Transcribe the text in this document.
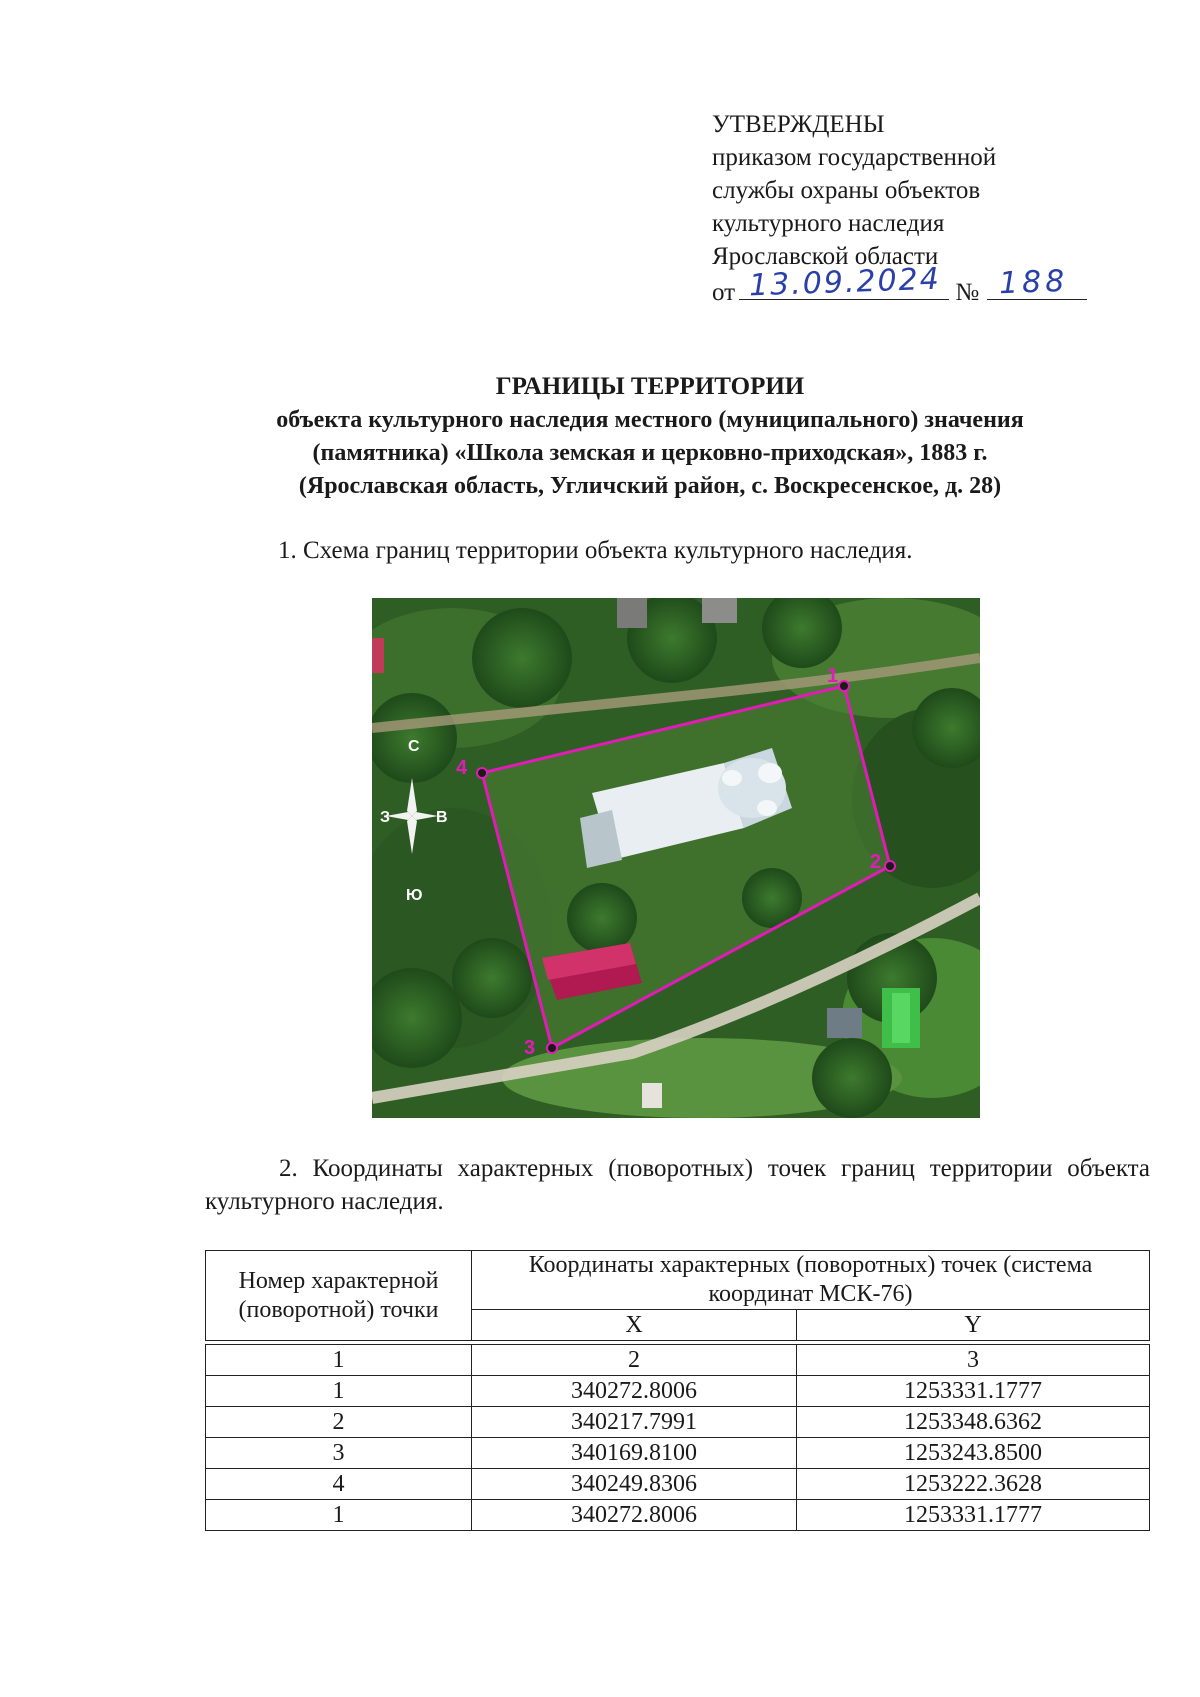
УТВЕРЖДЕНЫ
приказом государственной
службы охраны объектов
культурного наследия
Ярославской области
от 13.09.2024 № 188
ГРАНИЦЫ ТЕРРИТОРИИ
объекта культурного наследия местного (муниципального) значения
(памятника) «Школа земская и церковно-приходская», 1883 г.
(Ярославская область, Угличский район, с. Воскресенское, д. 28)
1. Схема границ территории объекта культурного наследия.
С
З	В
Ю
1
2
3
4
2. Координаты характерных (поворотных) точек границ территории объекта культурного наследия.
Номер характерной (поворотной) точки	Координаты характерных (поворотных) точек (система координат МСК-76)	
	X	Y

1	2	3
1	340272.8006	1253331.1777
2	340217.7991	1253348.6362
3	340169.8100	1253243.8500
4	340249.8306	1253222.3628
1	340272.8006	1253331.1777
